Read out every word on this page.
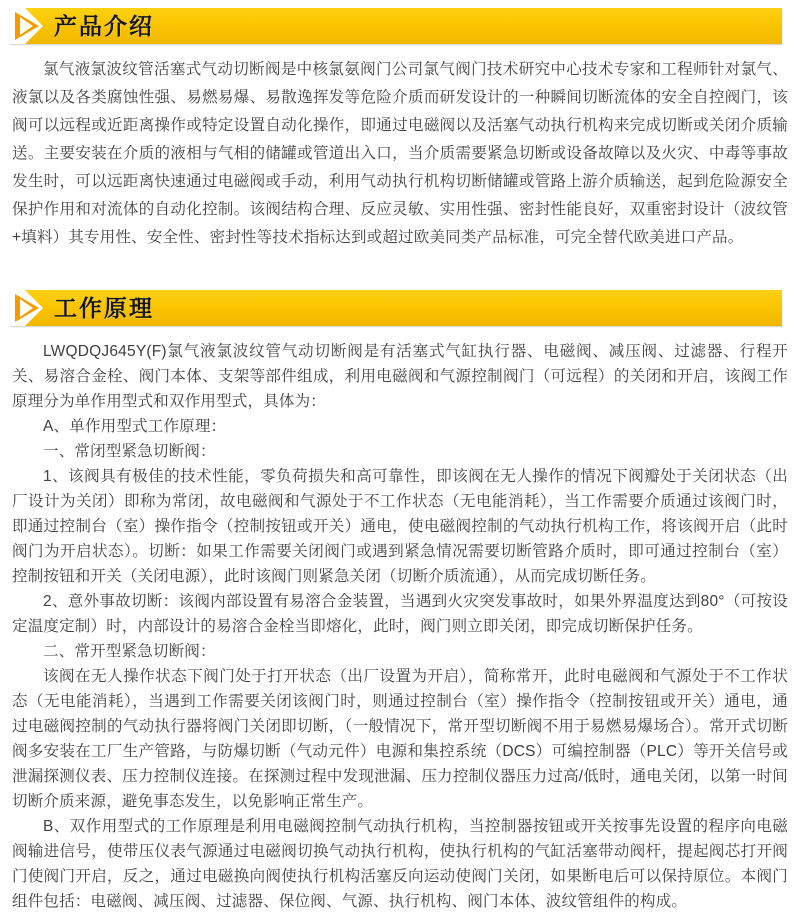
产品介绍

氯气液氯波纹管活塞式气动切断阀是中核氯氨阀门公司氯气阀门技术研究中心技术专家和工程师针对氯气、液氯以及各类腐蚀性强、易燃易爆、易散逸挥发等危险介质而研发设计的一种瞬间切断流体的安全自控阀门，该阀可以远程或近距离操作或特定设置自动化操作，即通过电磁阀以及活塞气动执行机构来完成切断或关闭介质输送。主要安装在介质的液相与气相的储罐或管道出入口，当介质需要紧急切断或设备故障以及火灾、中毒等事故发生时，可以远距离快速通过电磁阀或手动，利用气动执行机构切断储罐或管路上游介质输送，起到危险源安全保护作用和对流体的自动化控制。该阀结构合理、反应灵敏、实用性强、密封性能良好，双重密封设计（波纹管+填料）其专用性、安全性、密封性等技术指标达到或超过欧美同类产品标准，可完全替代欧美进口产品。

工作原理

LWQDQJ645Y(F)氯气液氯波纹管气动切断阀是有活塞式气缸执行器、电磁阀、减压阀、过滤器、行程开关、易溶合金栓、阀门本体、支架等部件组成，利用电磁阀和气源控制阀门（可远程）的关闭和开启，该阀工作原理分为单作用型式和双作用型式，具体为：

A、单作用型式工作原理：

一、常闭型紧急切断阀：

1、该阀具有极佳的技术性能，零负荷损失和高可靠性，即该阀在无人操作的情况下阀瓣处于关闭状态（出厂设计为关闭）即称为常闭，故电磁阀和气源处于不工作状态（无电能消耗），当工作需要介质通过该阀门时，即通过控制台（室）操作指令（控制按钮或开关）通电，使电磁阀控制的气动执行机构工作，将该阀开启（此时阀门为开启状态）。切断：如果工作需要关闭阀门或遇到紧急情况需要切断管路介质时，即可通过控制台（室）控制按钮和开关（关闭电源），此时该阀门则紧急关闭（切断介质流通），从而完成切断任务。

2、意外事故切断：该阀内部设置有易溶合金装置，当遇到火灾突发事故时，如果外界温度达到80°（可按设定温度定制）时，内部设计的易溶合金栓当即熔化，此时，阀门则立即关闭，即完成切断保护任务。

二、常开型紧急切断阀：

该阀在无人操作状态下阀门处于打开状态（出厂设置为开启），简称常开，此时电磁阀和气源处于不工作状态（无电能消耗），当遇到工作需要关闭该阀门时，则通过控制台（室）操作指令（控制按钮或开关）通电，通过电磁阀控制的气动执行器将阀门关闭即切断，（一般情况下，常开型切断阀不用于易燃易爆场合）。常开式切断阀多安装在工厂生产管路，与防爆切断（气动元件）电源和集控系统（DCS）可编控制器（PLC）等开关信号或泄漏探测仪表、压力控制仪连接。在探测过程中发现泄漏、压力控制仪器压力过高/低时，通电关闭，以第一时间切断介质来源，避免事态发生，以免影响正常生产。

B、双作用型式的工作原理是利用电磁阀控制气动执行机构，当控制器按钮或开关按事先设置的程序向电磁阀输进信号，使带压仪表气源通过电磁阀切换气动执行机构，使执行机构的气缸活塞带动阀杆，提起阀芯打开阀门使阀门开启，反之，通过电磁换向阀使执行机构活塞反向运动使阀门关闭，如果断电后可以保持原位。本阀门组件包括：电磁阀、减压阀、过滤器、保位阀、气源、执行机构、阀门本体、波纹管组件的构成。
